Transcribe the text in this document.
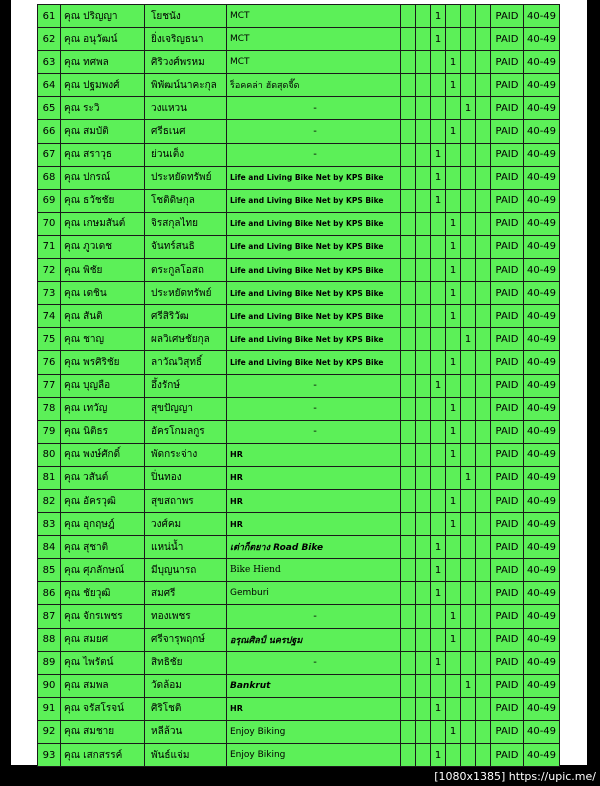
61	คุณ ปริญญา	โยชนัง	MCT			1				PAID	40-49
62	คุณ อนุวัฒน์	ยิ่งเจริญธนา	MCT			1				PAID	40-49
63	คุณ ทศพล	ศิริวงศ์พรหม	MCT				1			PAID	40-49
64	คุณ ปฐมพงศ์	พิพัฒน์นาคะกุล	ร็อคคล่า ฮัดสุดจี๊ด				1			PAID	40-49
65	คุณ ระวิ	วงแหวน	-					1		PAID	40-49
66	คุณ สมบัติ	ศรีธเนศ	-				1			PAID	40-49
67	คุณ สราวุธ	ย่วนเต็ง	-			1				PAID	40-49
68	คุณ ปกรณ์	ประหยัดทรัพย์	Life and Living Bike Net by KPS Bike			1				PAID	40-49
69	คุณ ธวัชชัย	โชติดิษกุล	Life and Living Bike Net by KPS Bike			1				PAID	40-49
70	คุณ เกษมสันต์	จิรสกุลไทย	Life and Living Bike Net by KPS Bike				1			PAID	40-49
71	คุณ ภูวเดช	จันทร์สนธิ	Life and Living Bike Net by KPS Bike				1			PAID	40-49
72	คุณ พิชัย	ตระกูลโอสถ	Life and Living Bike Net by KPS Bike				1			PAID	40-49
73	คุณ เดชิน	ประหยัดทรัพย์	Life and Living Bike Net by KPS Bike				1			PAID	40-49
74	คุณ สันติ	ศรีสิริวัฒ	Life and Living Bike Net by KPS Bike				1			PAID	40-49
75	คุณ ชาญ	ผลวิเศษชัยกุล	Life and Living Bike Net by KPS Bike					1		PAID	40-49
76	คุณ พรศิริชัย	ลาวัณวิสุทธิ์	Life and Living Bike Net by KPS Bike				1			PAID	40-49
77	คุณ บุญลือ	อึ้งรักษ์	-			1				PAID	40-49
78	คุณ เทวัญ	สุขปัญญา	-				1			PAID	40-49
79	คุณ นิติธร	อัครโกมลกูร	-				1			PAID	40-49
80	คุณ พงษ์ศักดิ์	พัดกระจ่าง	HR				1			PAID	40-49
81	คุณ วสันต์	ปิ่นทอง	HR					1		PAID	40-49
82	คุณ อัครวุฒิ	สุขสถาพร	HR				1			PAID	40-49
83	คุณ อุกฤษฎ์	วงศ์คม	HR				1			PAID	40-49
84	คุณ สุชาติ	แหน่น้ำ	เต่าก็ตยาง Road Bike			1				PAID	40-49
85	คุณ ศุภลักษณ์	มีบุญนารถ	Bike Hiend			1				PAID	40-49
86	คุณ ชัยวุฒิ	สมศรี	Gemburi			1				PAID	40-49
87	คุณ จักรเพชร	ทองเพชร	-				1			PAID	40-49
88	คุณ สมยศ	ศรีจารุพฤกษ์	อรุณศิลป์ นครปฐม				1			PAID	40-49
89	คุณ ไพรัตน์	สิทธิชัย	-			1				PAID	40-49
90	คุณ สมพล	วัดล้อม	Bankrut					1		PAID	40-49
91	คุณ จรัสโรจน์	ศิริโชติ	HR			1				PAID	40-49
92	คุณ สมชาย	หลีล้วน	Enjoy Biking				1			PAID	40-49
93	คุณ เสกสรรค์	พันธ์แจ่ม	Enjoy Biking			1				PAID	40-49
[1080x1385] https://upic.me/
